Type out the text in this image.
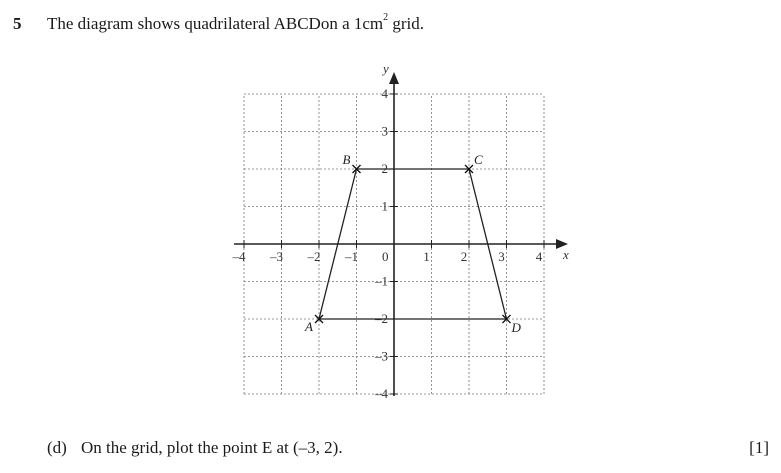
5 The diagram shows quadrilateral ABCDon a $1cm^2$ grid.
x
y
–4 –3 –2 –1 0	1 2 3 4
4
3
2
1
–1
–2
–3
–4
A
B	C
D
(d) On the grid, plot the point E at (–3, 2).	[1]
